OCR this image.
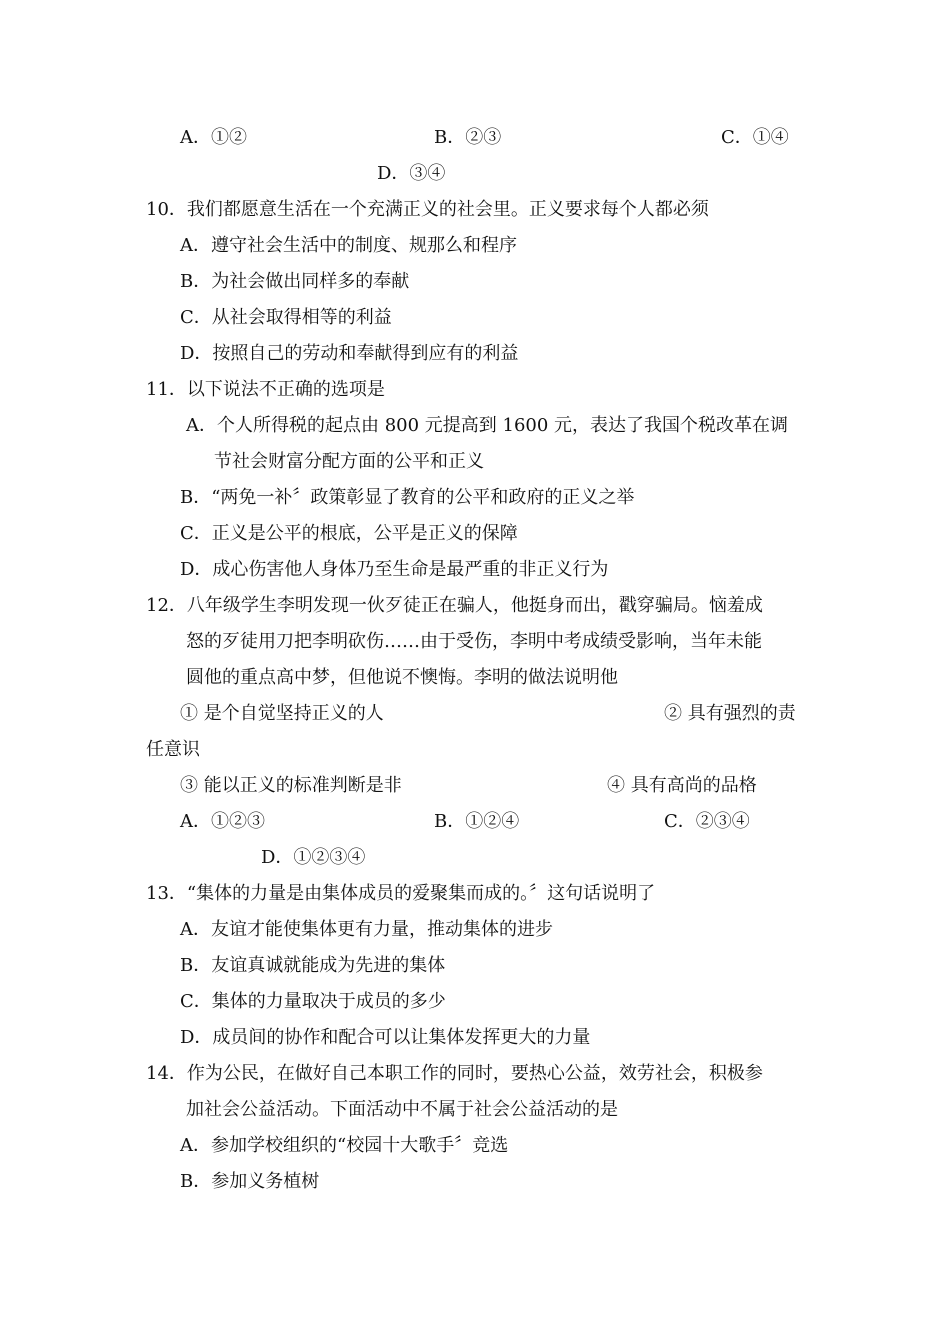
A．①②	B．②③	C．①④
D．③④
10．我们都愿意生活在一个充满正义的社会里。正义要求每个人都必须
A．遵守社会生活中的制度、规那么和程序
B．为社会做出同样多的奉献
C．从社会取得相等的利益
D．按照自己的劳动和奉献得到应有的利益
11．以下说法不正确的选项是
A．个人所得税的起点由 800 元提高到 1600 元，表达了我国个税改革在调
节社会财富分配方面的公平和正义
B．“两免一补〞政策彰显了教育的公平和政府的正义之举
C．正义是公平的根底，公平是正义的保障
D．成心伤害他人身体乃至生命是最严重的非正义行为
12．八年级学生李明发现一伙歹徒正在骗人，他挺身而出，戳穿骗局。恼羞成
怒的歹徒用刀把李明砍伤……由于受伤，李明中考成绩受影响，当年未能
圆他的重点高中梦，但他说不懊悔。李明的做法说明他
① 是个自觉坚持正义的人	② 具有强烈的责
任意识
③ 能以正义的标准判断是非	④ 具有高尚的品格
A．①②③	B．①②④	C．②③④
D．①②③④
13．“集体的力量是由集体成员的爱聚集而成的。〞这句话说明了
A．友谊才能使集体更有力量，推动集体的进步
B．友谊真诚就能成为先进的集体
C．集体的力量取决于成员的多少
D．成员间的协作和配合可以让集体发挥更大的力量
14．作为公民，在做好自己本职工作的同时，要热心公益，效劳社会，积极参
加社会公益活动。下面活动中不属于社会公益活动的是
A．参加学校组织的“校园十大歌手〞竞选
B．参加义务植树
